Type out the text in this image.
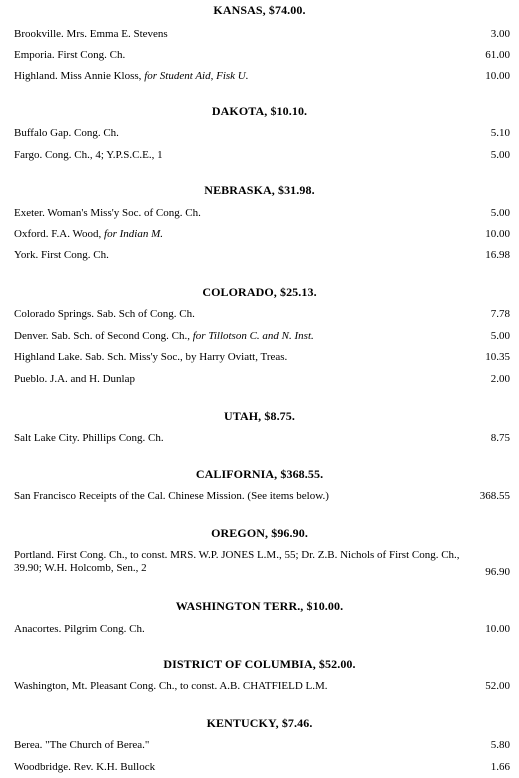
KANSAS, $74.00.
Brookville. Mrs. Emma E. Stevens	3.00
Emporia. First Cong. Ch.	61.00
Highland. Miss Annie Kloss, for Student Aid, Fisk U.	10.00
DAKOTA, $10.10.
Buffalo Gap. Cong. Ch.	5.10
Fargo. Cong. Ch., 4; Y.P.S.C.E., 1	5.00
NEBRASKA, $31.98.
Exeter. Woman's Miss'y Soc. of Cong. Ch.	5.00
Oxford. F.A. Wood, for Indian M.	10.00
York. First Cong. Ch.	16.98
COLORADO, $25.13.
Colorado Springs. Sab. Sch of Cong. Ch.	7.78
Denver. Sab. Sch. of Second Cong. Ch., for Tillotson C. and N. Inst.	5.00
Highland Lake. Sab. Sch. Miss'y Soc., by Harry Oviatt, Treas.	10.35
Pueblo. J.A. and H. Dunlap	2.00
UTAH, $8.75.
Salt Lake City. Phillips Cong. Ch.	8.75
CALIFORNIA, $368.55.
San Francisco Receipts of the Cal. Chinese Mission. (See items below.)	368.55
OREGON, $96.90.
Portland. First Cong. Ch., to const. MRS. W.P. JONES L.M., 55; Dr. Z.B. Nichols of First Cong. Ch., 39.90; W.H. Holcomb, Sen., 2	96.90
WASHINGTON TERR., $10.00.
Anacortes. Pilgrim Cong. Ch.	10.00
DISTRICT OF COLUMBIA, $52.00.
Washington, Mt. Pleasant Cong. Ch., to const. A.B. CHATFIELD L.M.	52.00
KENTUCKY, $7.46.
Berea. "The Church of Berea."	5.80
Woodbridge. Rev. K.H. Bullock	1.66
